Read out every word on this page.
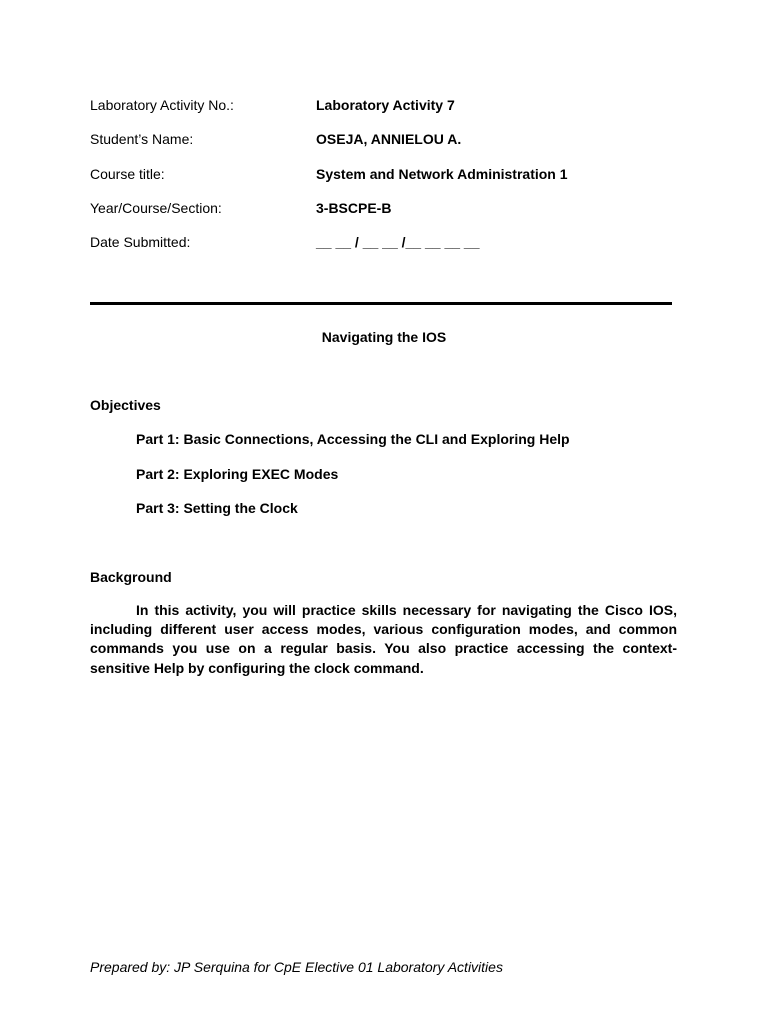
Laboratory Activity No.:	Laboratory Activity 7
Student’s Name:	OSEJA, ANNIELOU A.
Course title:	System and Network Administration 1
Year/Course/Section:	3-BSCPE-B
Date Submitted:	__ __ / __ __ /__ __ __ __
Navigating the IOS
Objectives
Part 1: Basic Connections, Accessing the CLI and Exploring Help
Part 2: Exploring EXEC Modes
Part 3: Setting the Clock
Background

In this activity, you will practice skills necessary for navigating the Cisco IOS, including different user access modes, various configuration modes, and common commands you use on a regular basis. You also practice accessing the context-sensitive Help by configuring the clock command.

Prepared by: JP Serquina for CpE Elective 01 Laboratory Activities
